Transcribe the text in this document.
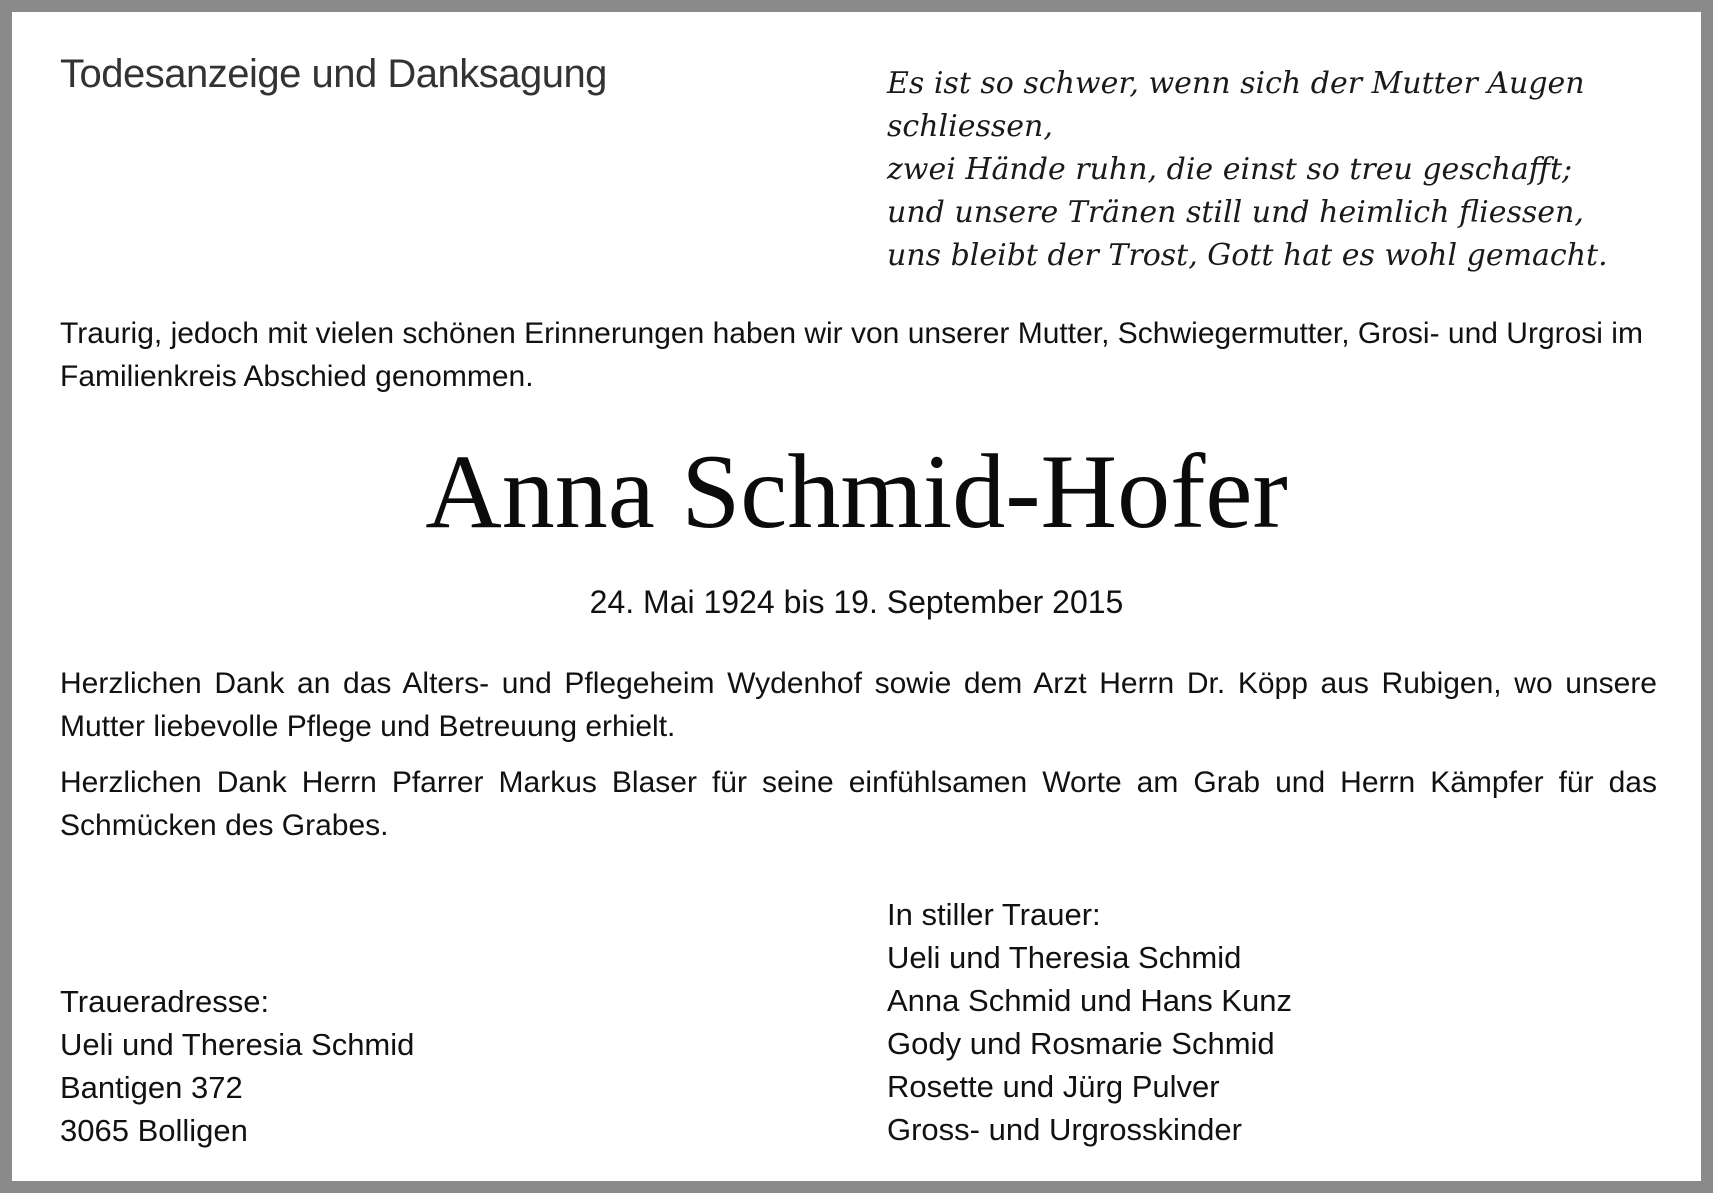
Todesanzeige und Danksagung	Es ist so schwer, wenn sich der Mutter Augen
schliessen,
zwei Hände ruhn, die einst so treu geschafft;
und unsere Tränen still und heimlich fliessen,
uns bleibt der Trost, Gott hat es wohl gemacht.
Traurig, jedoch mit vielen schönen Erinnerungen haben wir von unserer Mutter, Schwiegermutter, Grosi- und Urgrosi im Familienkreis Abschied genommen.
Anna Schmid-Hofer
24. Mai 1924 bis 19. September 2015

Herzlichen Dank an das Alters- und Pflegeheim Wydenhof sowie dem Arzt Herrn Dr. Köpp aus Rubigen, wo unsere Mutter liebevolle Pflege und Betreuung erhielt.

Herzlichen Dank Herrn Pfarrer Markus Blaser für seine einfühlsamen Worte am Grab und Herrn Kämpfer für das Schmücken des Grabes.

Traueradresse:
Ueli und Theresia Schmid
Bantigen 372
3065 Bolligen
In stiller Trauer:
Ueli und Theresia Schmid
Anna Schmid und Hans Kunz
Gody und Rosmarie Schmid
Rosette und Jürg Pulver
Gross- und Urgrosskinder
